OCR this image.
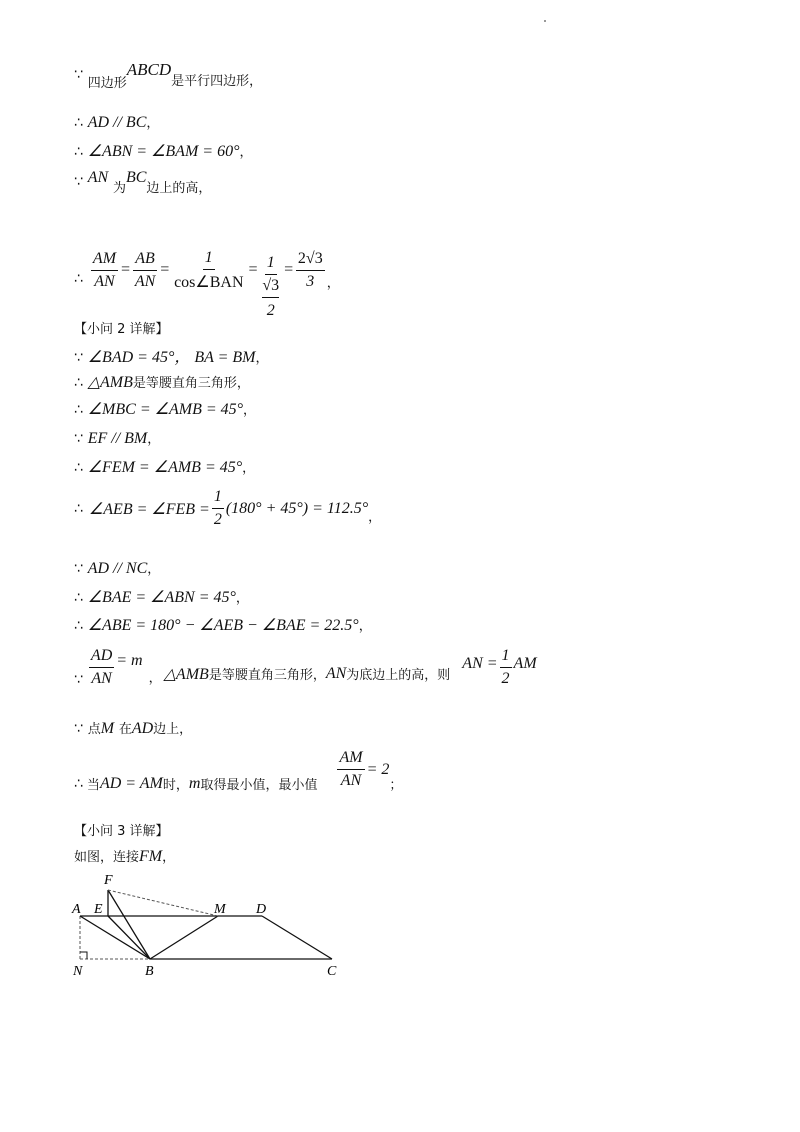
∵ 四边形ABCD是平行四边形，
∴ AD // BC，
∴ ∠ABN = ∠BAM = 60°，
∵ AN 为BC边上的高，
∴ $\frac{AM}{AN} = \frac{AB}{AN} = \frac{1}{\text{cos∠BAN}} = 1$
√3
$2 = \frac{2√3}{3}$ ，
【小问 2 详解】
∵ ∠BAD = 45°， BA = BM，
∴ △AMB是等腰直角三角形，
∴ ∠MBC = ∠AMB = 45°，
∵ EF // BM，
∴ ∠FEM = ∠AMB = 45°，
∴ ∠AEB = ∠FEB = $\frac{1}{2} (180^\circ + 45^\circ) = 112.5^\circ$
，
∵ AD // NC，
∴ ∠BAE = ∠ABN = 45°，
∴ ∠ABE = 180° − ∠AEB − ∠BAE = 22.5°，
∵ $\frac{AD}{AN} = m$
， △AMB 是等腰直角三角形， AN 为底边上的高，则
AN = $\frac{1}{2}$ AM
∵ 点M 在AD边上，
∴ 当 AD = AM 时， m 取得最小值，最小值 $\frac{AM}{AN} = 2$
；
【小问 3 详解】
如图，连接FM，
F
A E	M D
N	B	C
